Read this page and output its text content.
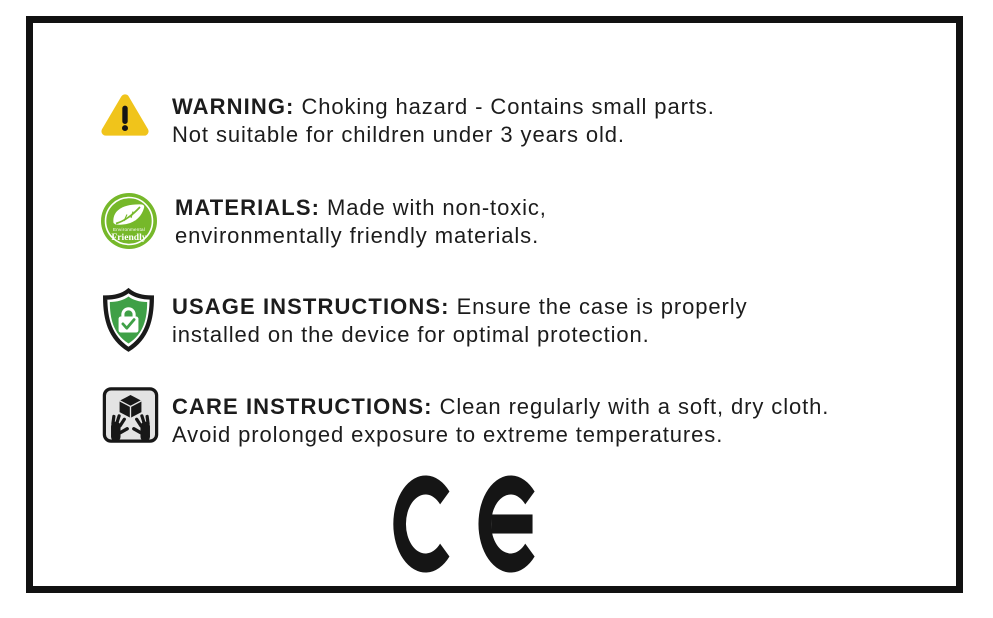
WARNING: Choking hazard - Contains small parts.

Not suitable for children under 3 years old.

Environmental
Friendly

MATERIALS: Made with non-toxic,

environmentally friendly materials.

USAGE INSTRUCTIONS: Ensure the case is properly

installed on the device for optimal protection.

CARE INSTRUCTIONS: Clean regularly with a soft, dry cloth.

Avoid prolonged exposure to extreme temperatures.
